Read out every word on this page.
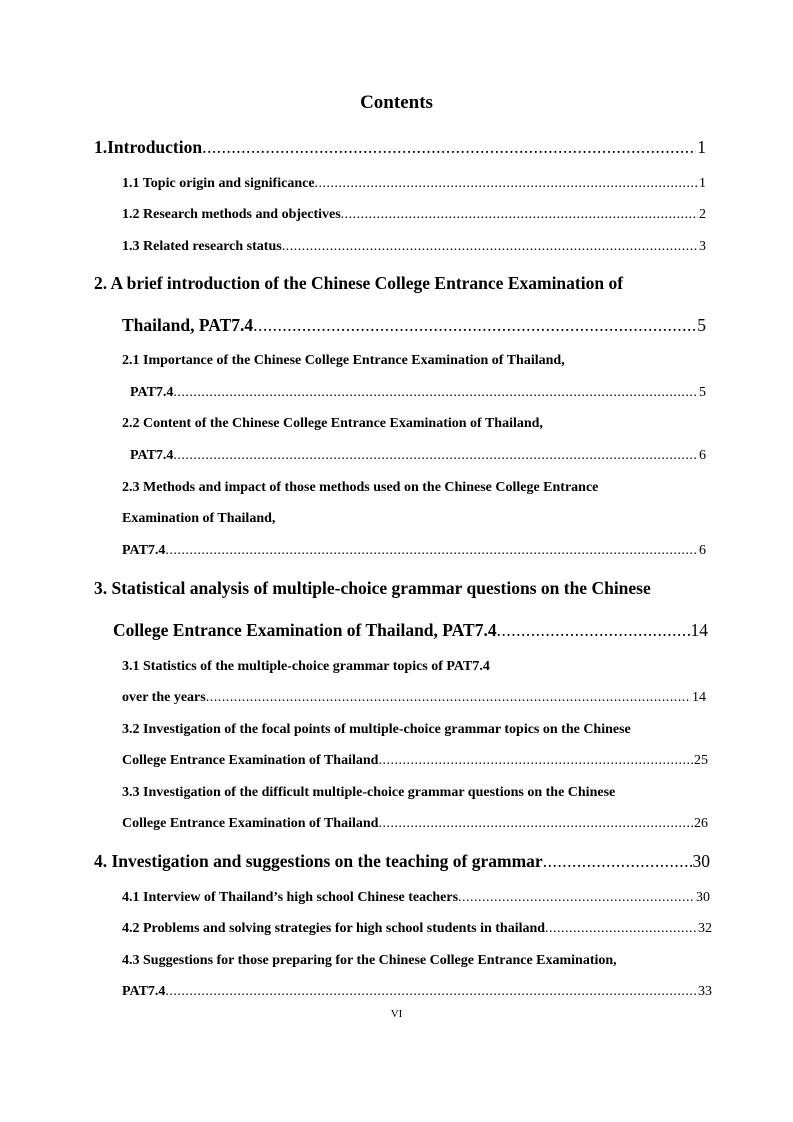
Contents
1.Introduction .....	1
1.1 Topic origin and significance .....	1
1.2 Research methods and objectives .....	2
1.3 Related research status .....	3
2. A brief introduction of the Chinese College Entrance Examination of
Thailand, PAT7.4 .....	5
2.1 Importance of the Chinese College Entrance Examination of Thailand,
PAT7.4 .....	5
2.2 Content of the Chinese College Entrance Examination of Thailand,
PAT7.4 .....	6
2.3 Methods and impact of those methods used on the Chinese College Entrance
Examination of Thailand,
PAT7.4 .....	6
3. Statistical analysis of multiple-choice grammar questions on the Chinese
College Entrance Examination of Thailand, PAT7.4 .....	14
3.1 Statistics of the multiple-choice grammar topics of PAT7.4
over the years .....	14
3.2 Investigation of the focal points of multiple-choice grammar topics on the Chinese
College Entrance Examination of Thailand .....	25
3.3 Investigation of the difficult multiple-choice grammar questions on the Chinese
College Entrance Examination of Thailand .....	26
4. Investigation and suggestions on the teaching of grammar .....	30
4.1 Interview of Thailand’s high school Chinese teachers .....	30
4.2 Problems and solving strategies for high school students in thailand .....	32
4.3 Suggestions for those preparing for the Chinese College Entrance Examination,
PAT7.4 .....	33
VI
